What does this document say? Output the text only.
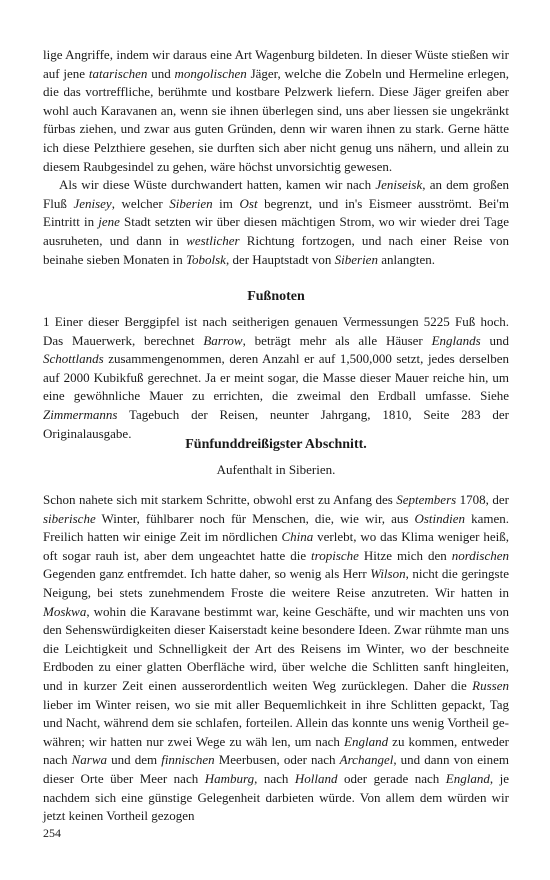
lige Angriffe, indem wir daraus eine Art Wagenburg bildeten. In dieser Wüste stießen wir auf jene tatarischen und mongolischen Jäger, welche die Zobeln und Hermeline erlegen, die das vortreffliche, berühmte und kostbare Pelzwerk liefern. Diese Jäger greifen aber wohl auch Karavanen an, wenn sie ihnen überlegen sind, uns aber liessen sie ungekränkt fürbas ziehen, und zwar aus guten Gründen, denn wir waren ihnen zu stark. Gerne hätte ich diese Pelzthiere gesehen, sie durften sich aber nicht genug uns nähern, und allein zu diesem Raubgesindel zu gehen, wäre höchst unvorsichtig gewesen.

Als wir diese Wüste durchwandert hatten, kamen wir nach Jeniseisk, an dem großen Fluß Jenisey, welcher Siberien im Ost begrenzt, und in's Eismeer ausströmt. Bei'm Eintritt in jene Stadt setzten wir über diesen mächtigen Strom, wo wir wieder drei Tage ausruheten, und dann in westlicher Richtung fortzogen, und nach einer Reise von beinahe sieben Monaten in Tobolsk, der Hauptstadt von Siberien anlangten.

Fußnoten

1 Einer dieser Berggipfel ist nach seitherigen genauen Vermessungen 5225 Fuß hoch. Das Mauerwerk, berechnet Barrow, beträgt mehr als alle Häuser Englands und Schottlands zusammengenommen, deren Anzahl er auf 1,500,000 setzt, jedes derselben auf 2000 Kubikfuß gerechnet. Ja er meint sogar, die Masse dieser Mauer reiche hin, um eine gewöhnliche Mauer zu errichten, die zweimal den Erdball umfasse. Siehe Zimmermanns Tagebuch der Reisen, neunter Jahrgang, 1810, Seite 283 der Originalausgabe.

Fünfunddreißigster Abschnitt.
Aufenthalt in Siberien.

Schon nahete sich mit starkem Schritte, obwohl erst zu Anfang des Septembers 1708, der siberische Winter, fühlbarer noch für Menschen, die, wie wir, aus Ostindien kamen. Freilich hatten wir einige Zeit im nördlichen China verlebt, wo das Klima weniger heiß, oft sogar rauh ist, aber dem ungeachtet hatte die tropische Hitze mich den nordischen Gegenden ganz entfremdet. Ich hatte daher, so wenig als Herr Wilson, nicht die geringste Neigung, bei stets zunehmendem Froste die weitere Reise anzutreten. Wir hatten in Moskwa, wohin die Karavane bestimmt war, keine Geschäfte, und wir machten uns von den Sehenswürdigkeiten dieser Kaiserstadt keine besondere Ideen. Zwar rühmte man uns die Leichtigkeit und Schnelligkeit der Art des Reisens im Winter, wo der beschneite Erdboden zu einer glatten Oberfläche wird, über welche die Schlitten sanft hingleiten, und in kurzer Zeit einen ausserordentlich weiten Weg zurücklegen. Daher die Russen lieber im Winter reisen, wo sie mit aller Bequemlichkeit in ihre Schlitten gepackt, Tag und Nacht, während dem sie schlafen, forteilen. Allein das konnte uns wenig Vortheil gewähren; wir hatten nur zwei Wege zu wäh len, um nach England zu kommen, entweder nach Narwa und dem finnischen Meerbusen, oder nach Archangel, und dann von einem dieser Orte über Meer nach Hamburg, nach Holland oder gerade nach England, je nachdem sich eine günstige Gelegenheit darbieten würde. Von allem dem würden wir jetzt keinen Vortheil gezogen

254
